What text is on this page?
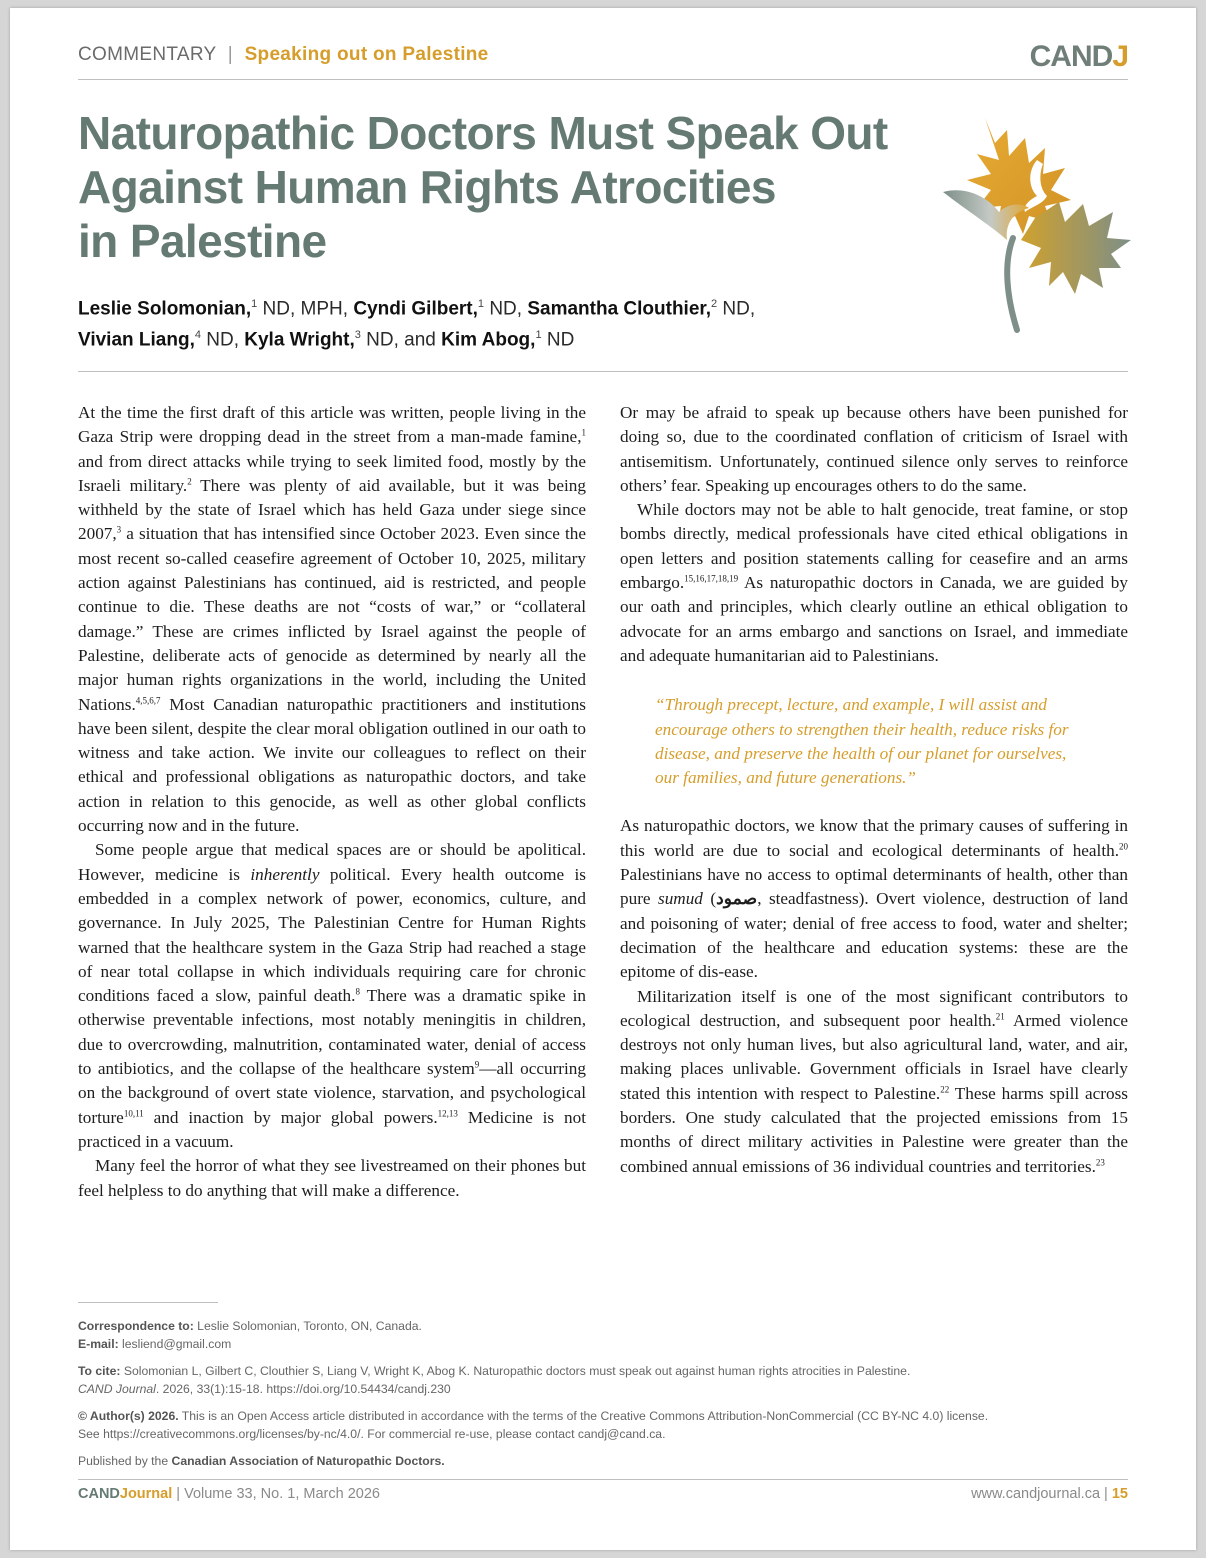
COMMENTARY | Speaking out on Palestine	CANDJ
Naturopathic Doctors Must Speak Out
Against Human Rights Atrocities
in Palestine

Leslie Solomonian,$^1$ ND, MPH, Cyndi Gilbert,$^1$ ND, Samantha Clouthier,$^2$ ND,
Vivian Liang,$^4$ ND, Kyla Wright,$^3$ ND, and Kim Abog,$^1$ ND

At the time the first draft of this article was written, people living in the Gaza Strip were dropping dead in the street from a man-made famine,$^1$ and from direct attacks while trying to seek limited food, mostly by the Israeli military.$^2$ There was plenty of aid available, but it was being withheld by the state of Israel which has held Gaza under siege since 2007,$^3$ a situation that has intensified since October 2023. Even since the most recent so-called ceasefire agreement of October 10, 2025, military action against Palestinians has continued, aid is restricted, and people continue to die. These deaths are not “costs of war,” or “collateral damage.” These are crimes inflicted by Israel against the people of Palestine, deliberate acts of genocide as determined by nearly all the major human rights organizations in the world, including the United Nations.$^{4,5,6,7}$ Most Canadian naturopathic practitioners and institutions have been silent, despite the clear moral obligation outlined in our oath to witness and take action. We invite our colleagues to reflect on their ethical and professional obligations as naturopathic doctors, and take action in relation to this genocide, as well as other global conflicts occurring now and in the future.

Some people argue that medical spaces are or should be apolitical. However, medicine is inherently political. Every health outcome is embedded in a complex network of power, economics, culture, and governance. In July 2025, The Palestinian Centre for Human Rights warned that the healthcare system in the Gaza Strip had reached a stage of near total collapse in which individuals requiring care for chronic conditions faced a slow, painful death.$^8$ There was a dramatic spike in otherwise preventable infections, most notably meningitis in children, due to overcrowding, malnutrition, contaminated water, denial of access to antibiotics, and the collapse of the healthcare system$^9$—all occurring on the background of overt state violence, starvation, and psychological torture$^{10,11}$ and inaction by major global powers.$^{12,13}$ Medicine is not practiced in a vacuum.

Many feel the horror of what they see livestreamed on their phones but feel helpless to do anything that will make a difference.

Or may be afraid to speak up because others have been punished for doing so, due to the coordinated conflation of criticism of Israel with antisemitism. Unfortunately, continued silence only serves to reinforce others’ fear. Speaking up encourages others to do the same.

While doctors may not be able to halt genocide, treat famine, or stop bombs directly, medical professionals have cited ethical obligations in open letters and position statements calling for ceasefire and an arms embargo.$^{15,16,17,18,19}$ As naturopathic doctors in Canada, we are guided by our oath and principles, which clearly outline an ethical obligation to advocate for an arms embargo and sanctions on Israel, and immediate and adequate humanitarian aid to Palestinians.

“Through precept, lecture, and example, I will assist and encourage others to strengthen their health, reduce risks for disease, and preserve the health of our planet for ourselves, our families, and future generations.”

As naturopathic doctors, we know that the primary causes of suffering in this world are due to social and ecological determinants of health.$^{20}$ Palestinians have no access to optimal determinants of health, other than pure sumud (صمود, steadfastness). Overt violence, destruction of land and poisoning of water; denial of free access to food, water and shelter; decimation of the healthcare and education systems: these are the epitome of dis-ease.

Militarization itself is one of the most significant contributors to ecological destruction, and subsequent poor health.$^{21}$ Armed violence destroys not only human lives, but also agricultural land, water, and air, making places unlivable. Government officials in Israel have clearly stated this intention with respect to Palestine.$^{22}$ These harms spill across borders. One study calculated that the projected emissions from 15 months of direct military activities in Palestine were greater than the combined annual emissions of 36 individual countries and territories.$^{23}$

Correspondence to: Leslie Solomonian, Toronto, ON, Canada.
E-mail: lesliend@gmail.com

To cite: Solomonian L, Gilbert C, Clouthier S, Liang V, Wright K, Abog K. Naturopathic doctors must speak out against human rights atrocities in Palestine.
CAND Journal. 2026, 33(1):15-18. https://doi.org/10.54434/candj.230

© Author(s) 2026. This is an Open Access article distributed in accordance with the terms of the Creative Commons Attribution-NonCommercial (CC BY-NC 4.0) license.
See https://creativecommons.org/licenses/by-nc/4.0/. For commercial re-use, please contact candj@cand.ca.

Published by the Canadian Association of Naturopathic Doctors.

CANDJournal | Volume 33, No. 1, March 2026	www.candjournal.ca | 15
